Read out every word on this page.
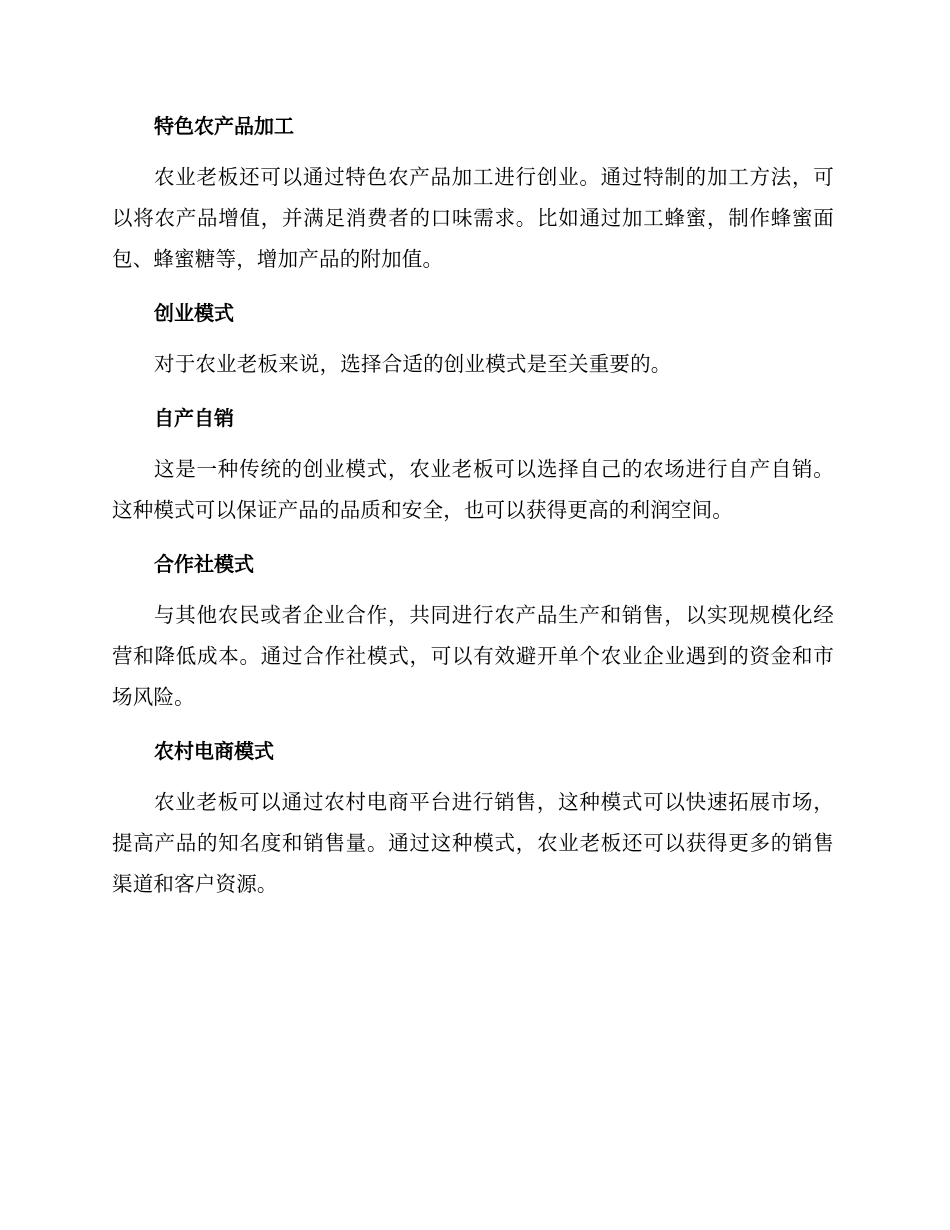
特色农产品加工

农业老板还可以通过特色农产品加工进行创业。通过特制的加工方法，可以将农产品增值，并满足消费者的口味需求。比如通过加工蜂蜜，制作蜂蜜面包、蜂蜜糖等，增加产品的附加值。

创业模式

对于农业老板来说，选择合适的创业模式是至关重要的。

自产自销

这是一种传统的创业模式，农业老板可以选择自己的农场进行自产自销。这种模式可以保证产品的品质和安全，也可以获得更高的利润空间。

合作社模式

与其他农民或者企业合作，共同进行农产品生产和销售，以实现规模化经营和降低成本。通过合作社模式，可以有效避开单个农业企业遇到的资金和市场风险。

农村电商模式

农业老板可以通过农村电商平台进行销售，这种模式可以快速拓展市场，提高产品的知名度和销售量。通过这种模式，农业老板还可以获得更多的销售渠道和客户资源。
